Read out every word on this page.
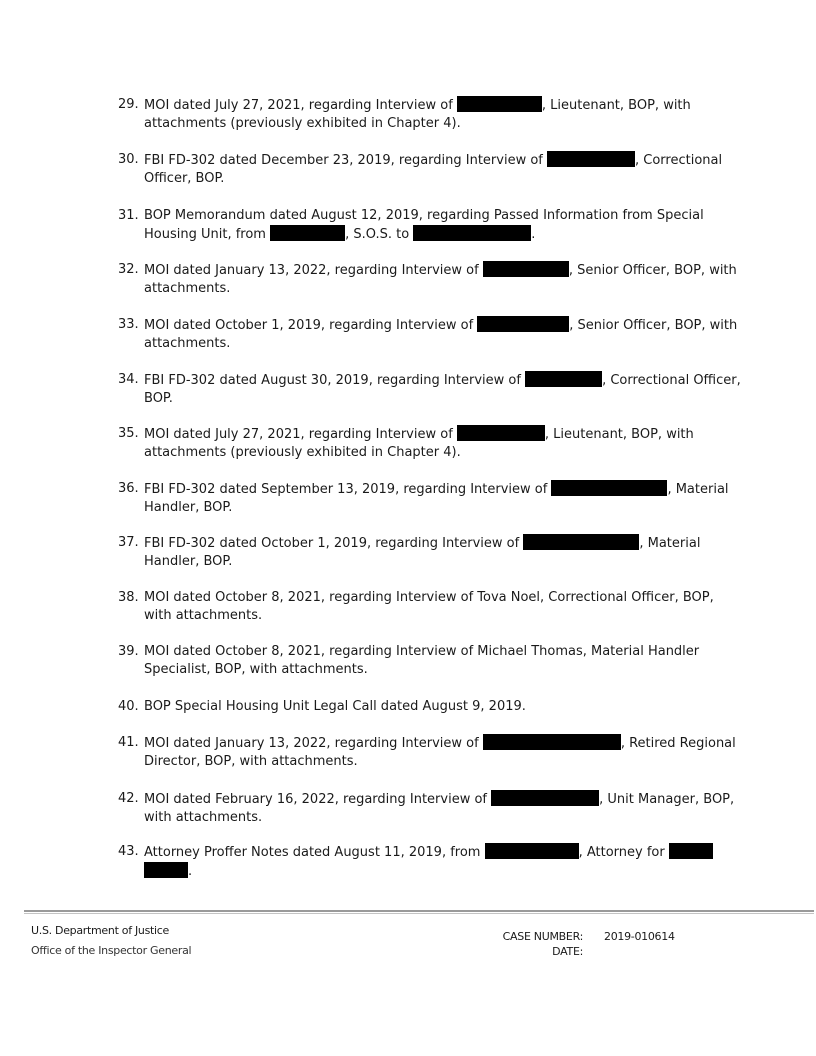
29. MOI dated July 27, 2021, regarding Interview of	, Lieutenant, BOP, with
attachments (previously exhibited in Chapter 4).
30. FBI FD-302 dated December 23, 2019, regarding Interview of	, Correctional
Officer, BOP.
31. BOP Memorandum dated August 12, 2019, regarding Passed Information from Special
Housing Unit, from	, S.O.S. to	.
32. MOI dated January 13, 2022, regarding Interview of	, Senior Officer, BOP, with
attachments.
33. MOI dated October 1, 2019, regarding Interview of	, Senior Officer, BOP, with
attachments.
34. FBI FD-302 dated August 30, 2019, regarding Interview of	, Correctional Officer,
BOP.
35. MOI dated July 27, 2021, regarding Interview of	, Lieutenant, BOP, with
attachments (previously exhibited in Chapter 4).
36. FBI FD-302 dated September 13, 2019, regarding Interview of	, Material
Handler, BOP.
37. FBI FD-302 dated October 1, 2019, regarding Interview of	, Material
Handler, BOP.
38. MOI dated October 8, 2021, regarding Interview of Tova Noel, Correctional Officer, BOP,
with attachments.
39. MOI dated October 8, 2021, regarding Interview of Michael Thomas, Material Handler
Specialist, BOP, with attachments.
40. BOP Special Housing Unit Legal Call dated August 9, 2019.
41. MOI dated January 13, 2022, regarding Interview of	, Retired Regional
Director, BOP, with attachments.
42. MOI dated February 16, 2022, regarding Interview of	, Unit Manager, BOP,
with attachments.
43. Attorney Proffer Notes dated August 11, 2019, from	, Attorney for
.
U.S. Department of Justice
Office of the Inspector General
CASE NUMBER: 2019-010614
DATE:
